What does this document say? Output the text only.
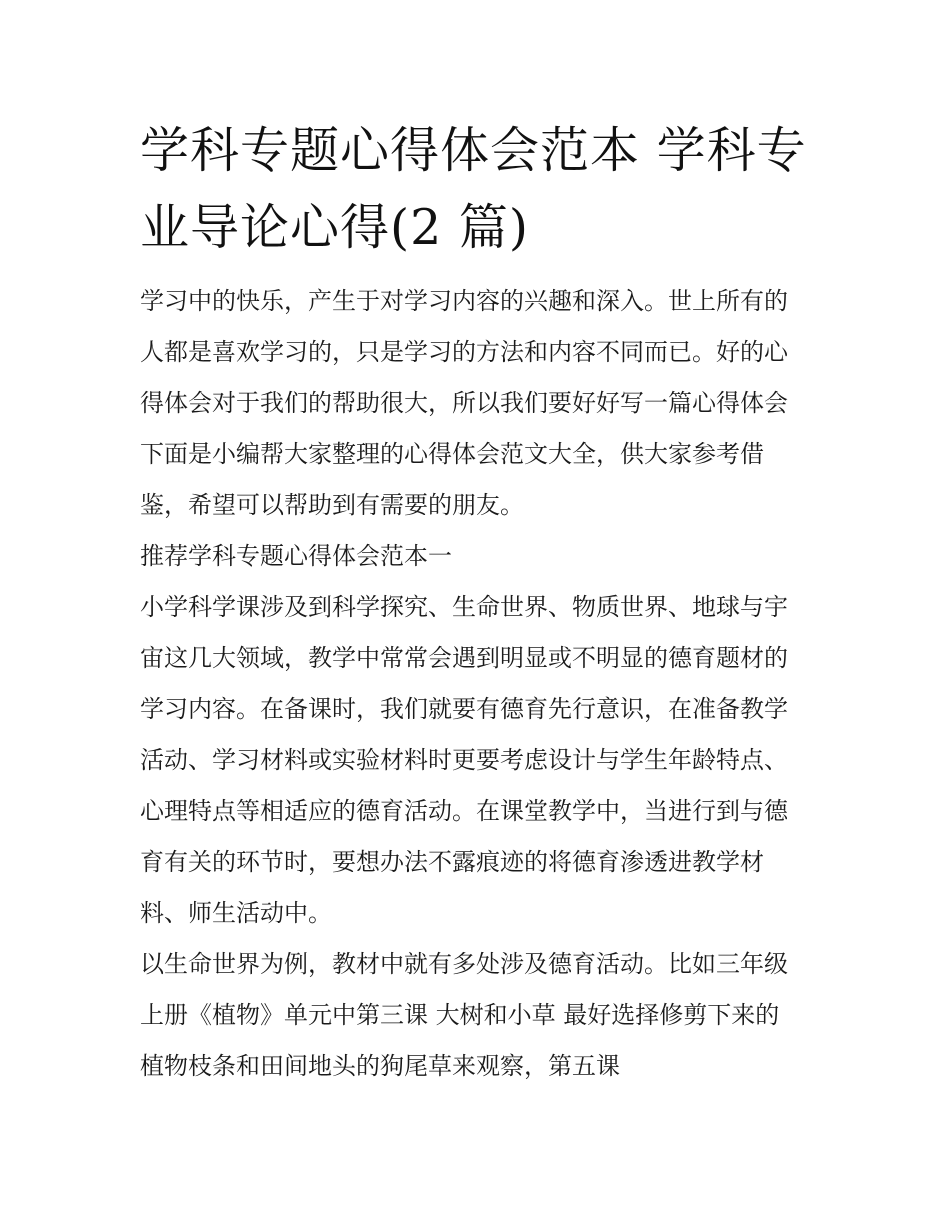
学科专题心得体会范本 学科专
业导论心得(2 篇)
学习中的快乐，产生于对学习内容的兴趣和深入。世上所有的
人都是喜欢学习的，只是学习的方法和内容不同而已。好的心
得体会对于我们的帮助很大，所以我们要好好写一篇心得体会
下面是小编帮大家整理的心得体会范文大全，供大家参考借
鉴，希望可以帮助到有需要的朋友。
推荐学科专题心得体会范本一
小学科学课涉及到科学探究、生命世界、物质世界、地球与宇
宙这几大领域，教学中常常会遇到明显或不明显的德育题材的
学习内容。在备课时，我们就要有德育先行意识，在准备教学
活动、学习材料或实验材料时更要考虑设计与学生年龄特点、
心理特点等相适应的德育活动。在课堂教学中，当进行到与德
育有关的环节时，要想办法不露痕迹的将德育渗透进教学材
料、师生活动中。
以生命世界为例，教材中就有多处涉及德育活动。比如三年级
上册《植物》单元中第三课 大树和小草 最好选择修剪下来的
植物枝条和田间地头的狗尾草来观察，第五课
